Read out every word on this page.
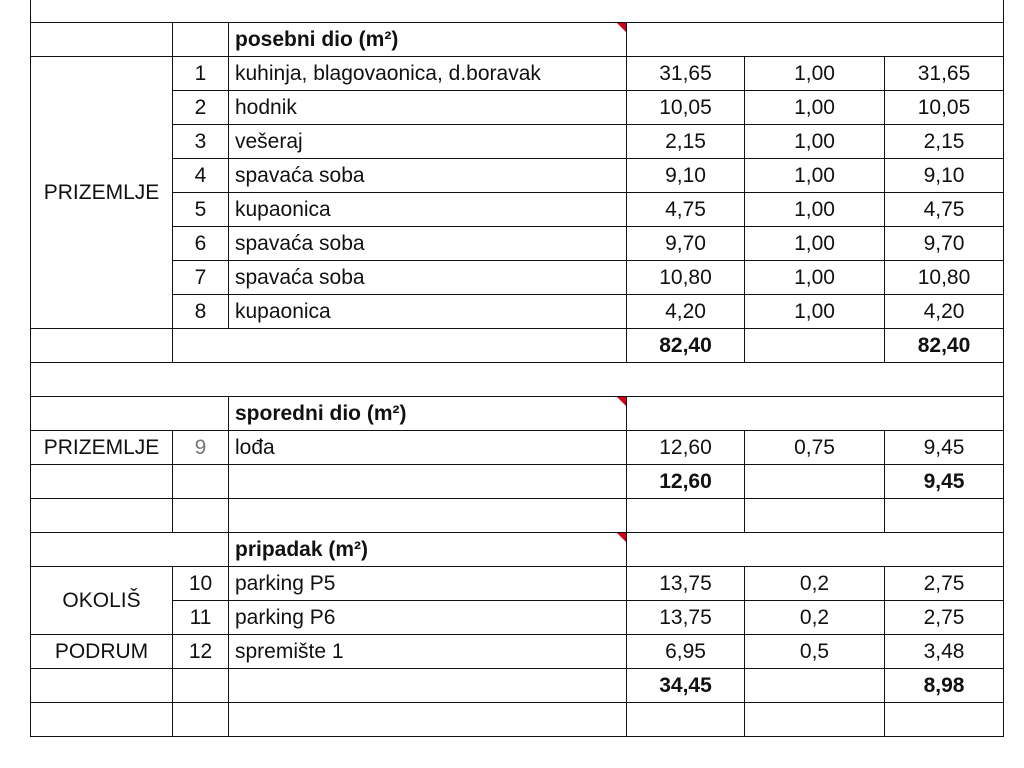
		posebni dio (m²)			
PRIZEMLJE	1	kuhinja, blagovaonica, d.boravak	31,65	1,00	31,65
	2	hodnik	10,05	1,00	10,05
	3	vešeraj	2,15	1,00	2,15
	4	spavaća soba	9,10	1,00	9,10
	5	kupaonica	4,75	1,00	4,75
	6	spavaća soba	9,70	1,00	9,70
	7	spavaća soba	10,80	1,00	10,80
	8	kupaonica	4,20	1,00	4,20
			82,40		82,40

		sporedni dio (m²)			
PRIZEMLJE	9	lođa	12,60	0,75	9,45
			12,60		9,45

		pripadak (m²)			
OKOLIŠ	10	parking P5	13,75	0,2	2,75
	11	parking P6	13,75	0,2	2,75
PODRUM	12	spremište 1	6,95	0,5	3,48
			34,45		8,98
